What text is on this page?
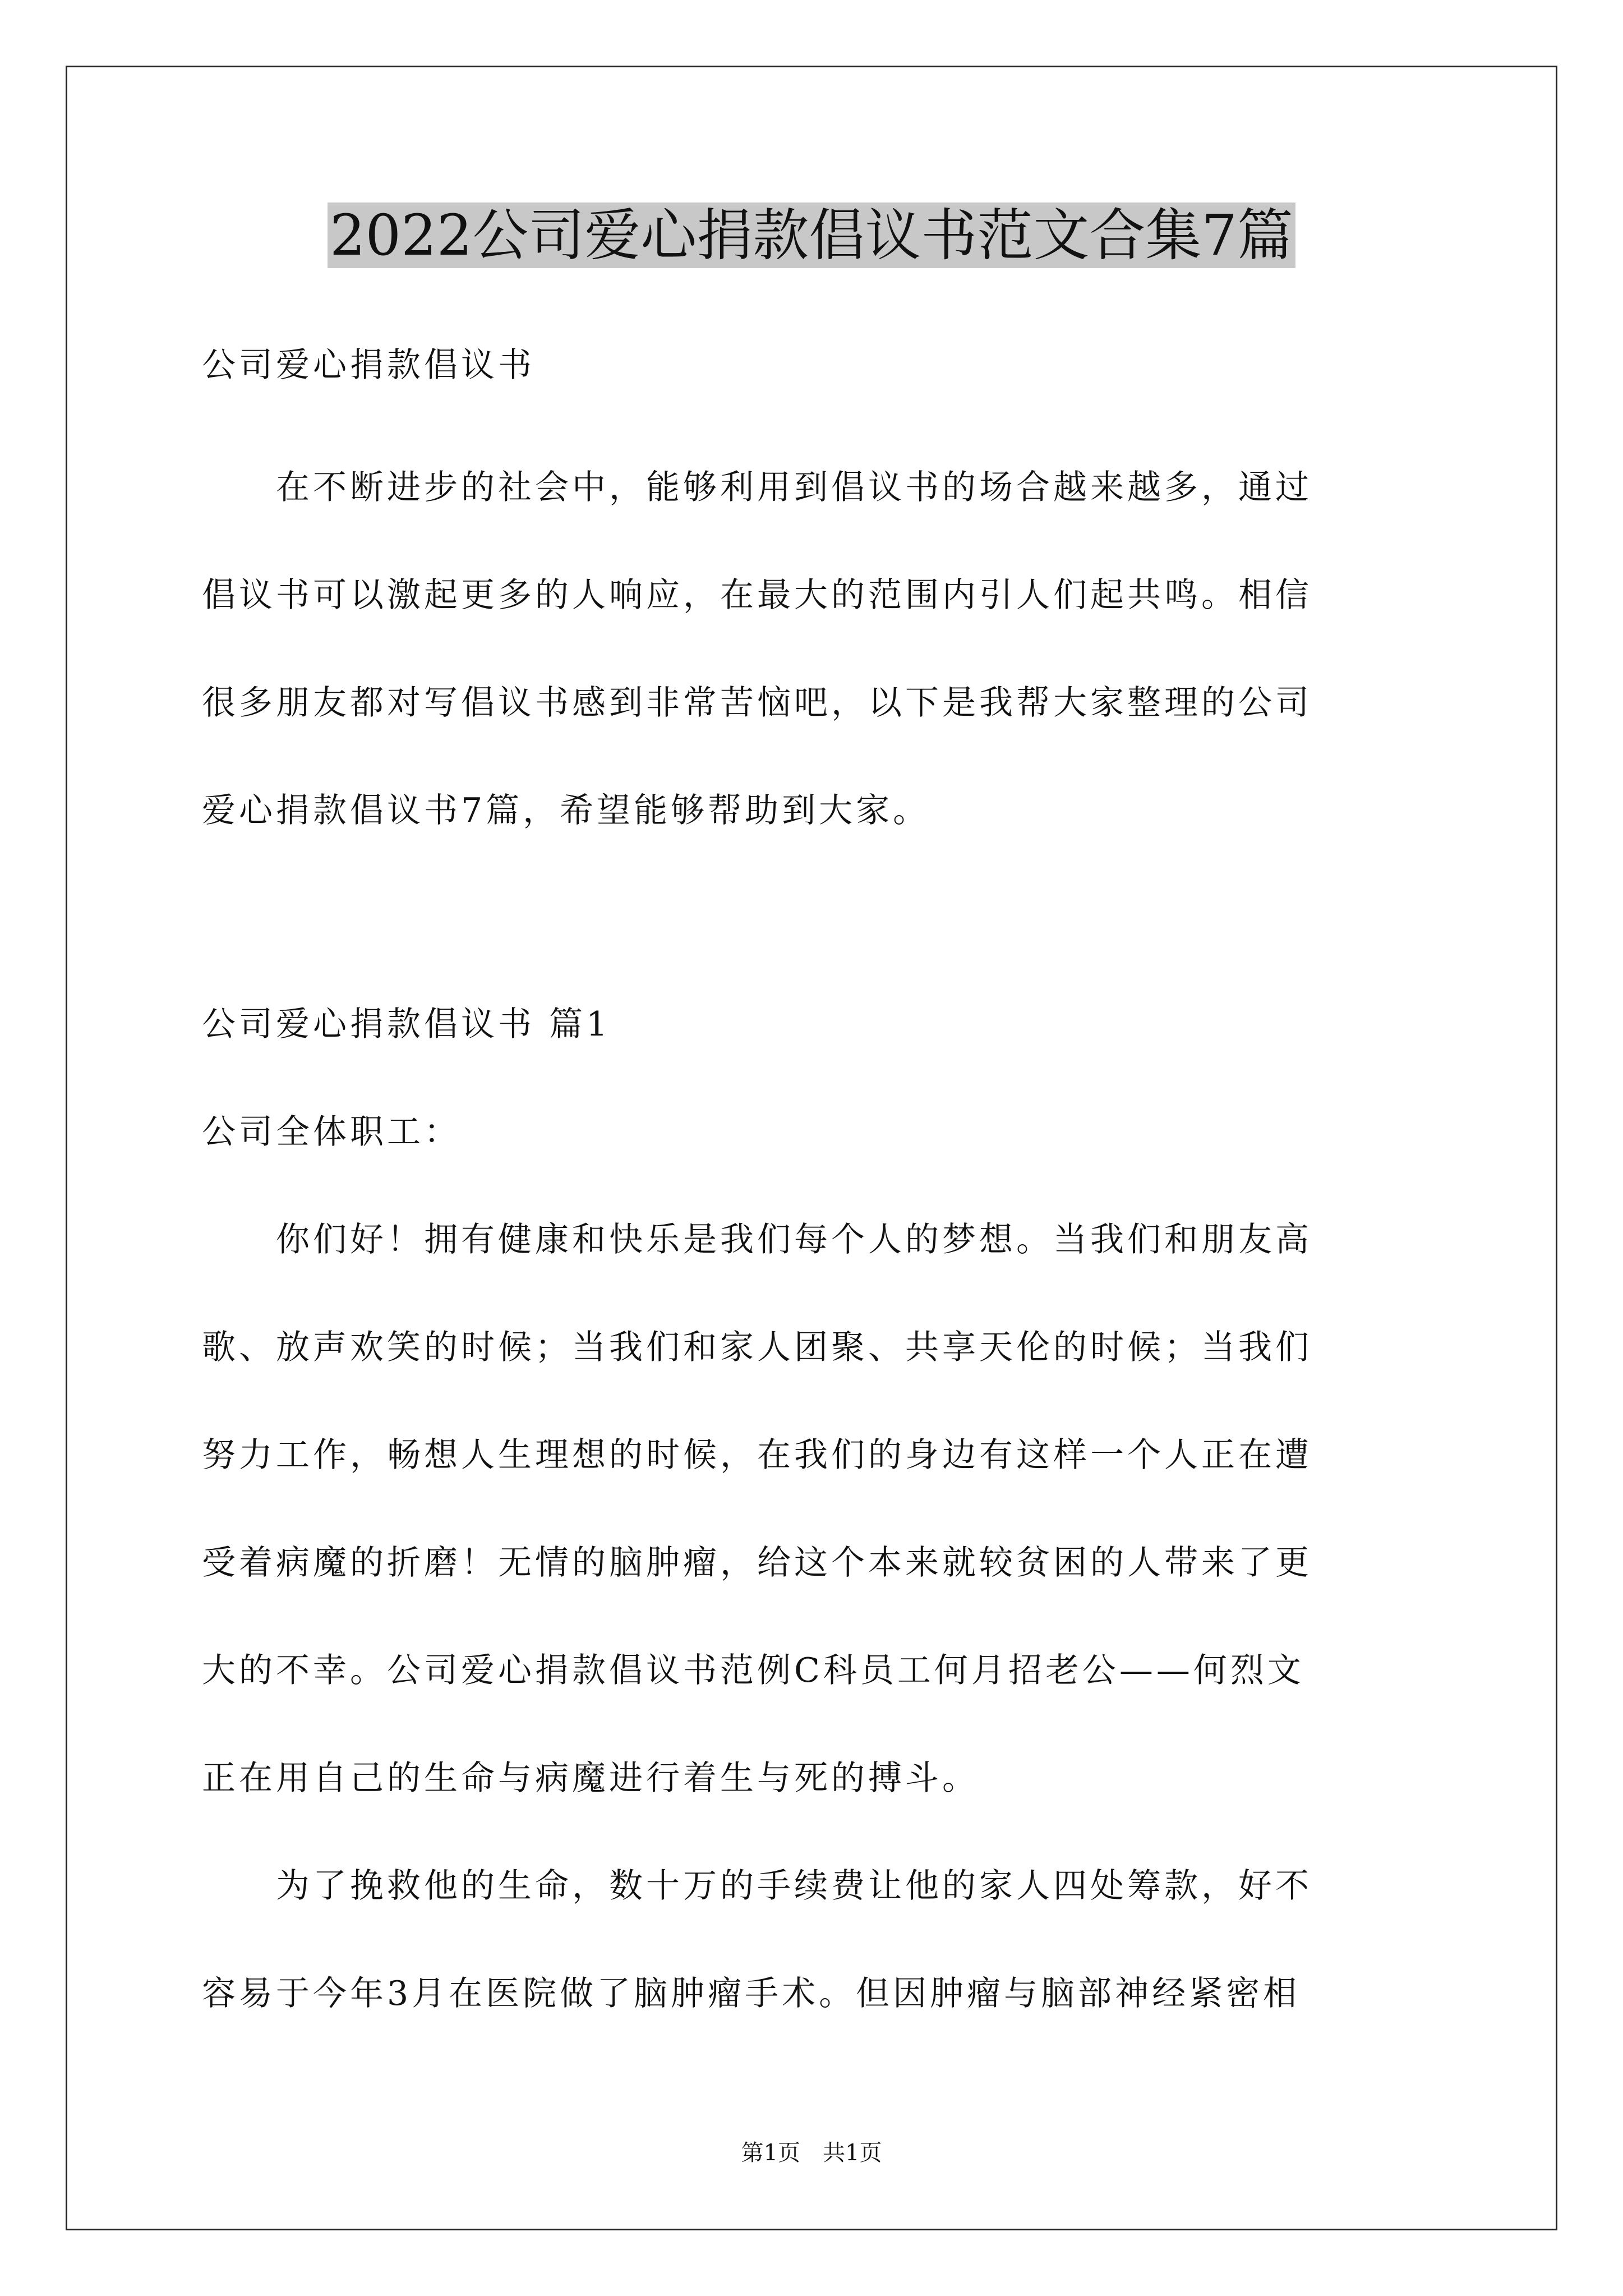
2022公司爱心捐款倡议书范文合集7篇

公司爱心捐款倡议书

　　在不断进步的社会中，能够利用到倡议书的场合越来越多，通过

倡议书可以激起更多的人响应，在最大的范围内引人们起共鸣。相信

很多朋友都对写倡议书感到非常苦恼吧，以下是我帮大家整理的公司

爱心捐款倡议书7篇，希望能够帮助到大家。

公司爱心捐款倡议书 篇1

公司全体职工：

　　你们好！拥有健康和快乐是我们每个人的梦想。当我们和朋友高

歌、放声欢笑的时候；当我们和家人团聚、共享天伦的时候；当我们

努力工作，畅想人生理想的时候，在我们的身边有这样一个人正在遭

受着病魔的折磨！无情的脑肿瘤，给这个本来就较贫困的人带来了更

大的不幸。公司爱心捐款倡议书范例C科员工何月招老公——何烈文

正在用自己的生命与病魔进行着生与死的搏斗。

　　为了挽救他的生命，数十万的手续费让他的家人四处筹款，好不

容易于今年3月在医院做了脑肿瘤手术。但因肿瘤与脑部神经紧密相

第1页　共1页
